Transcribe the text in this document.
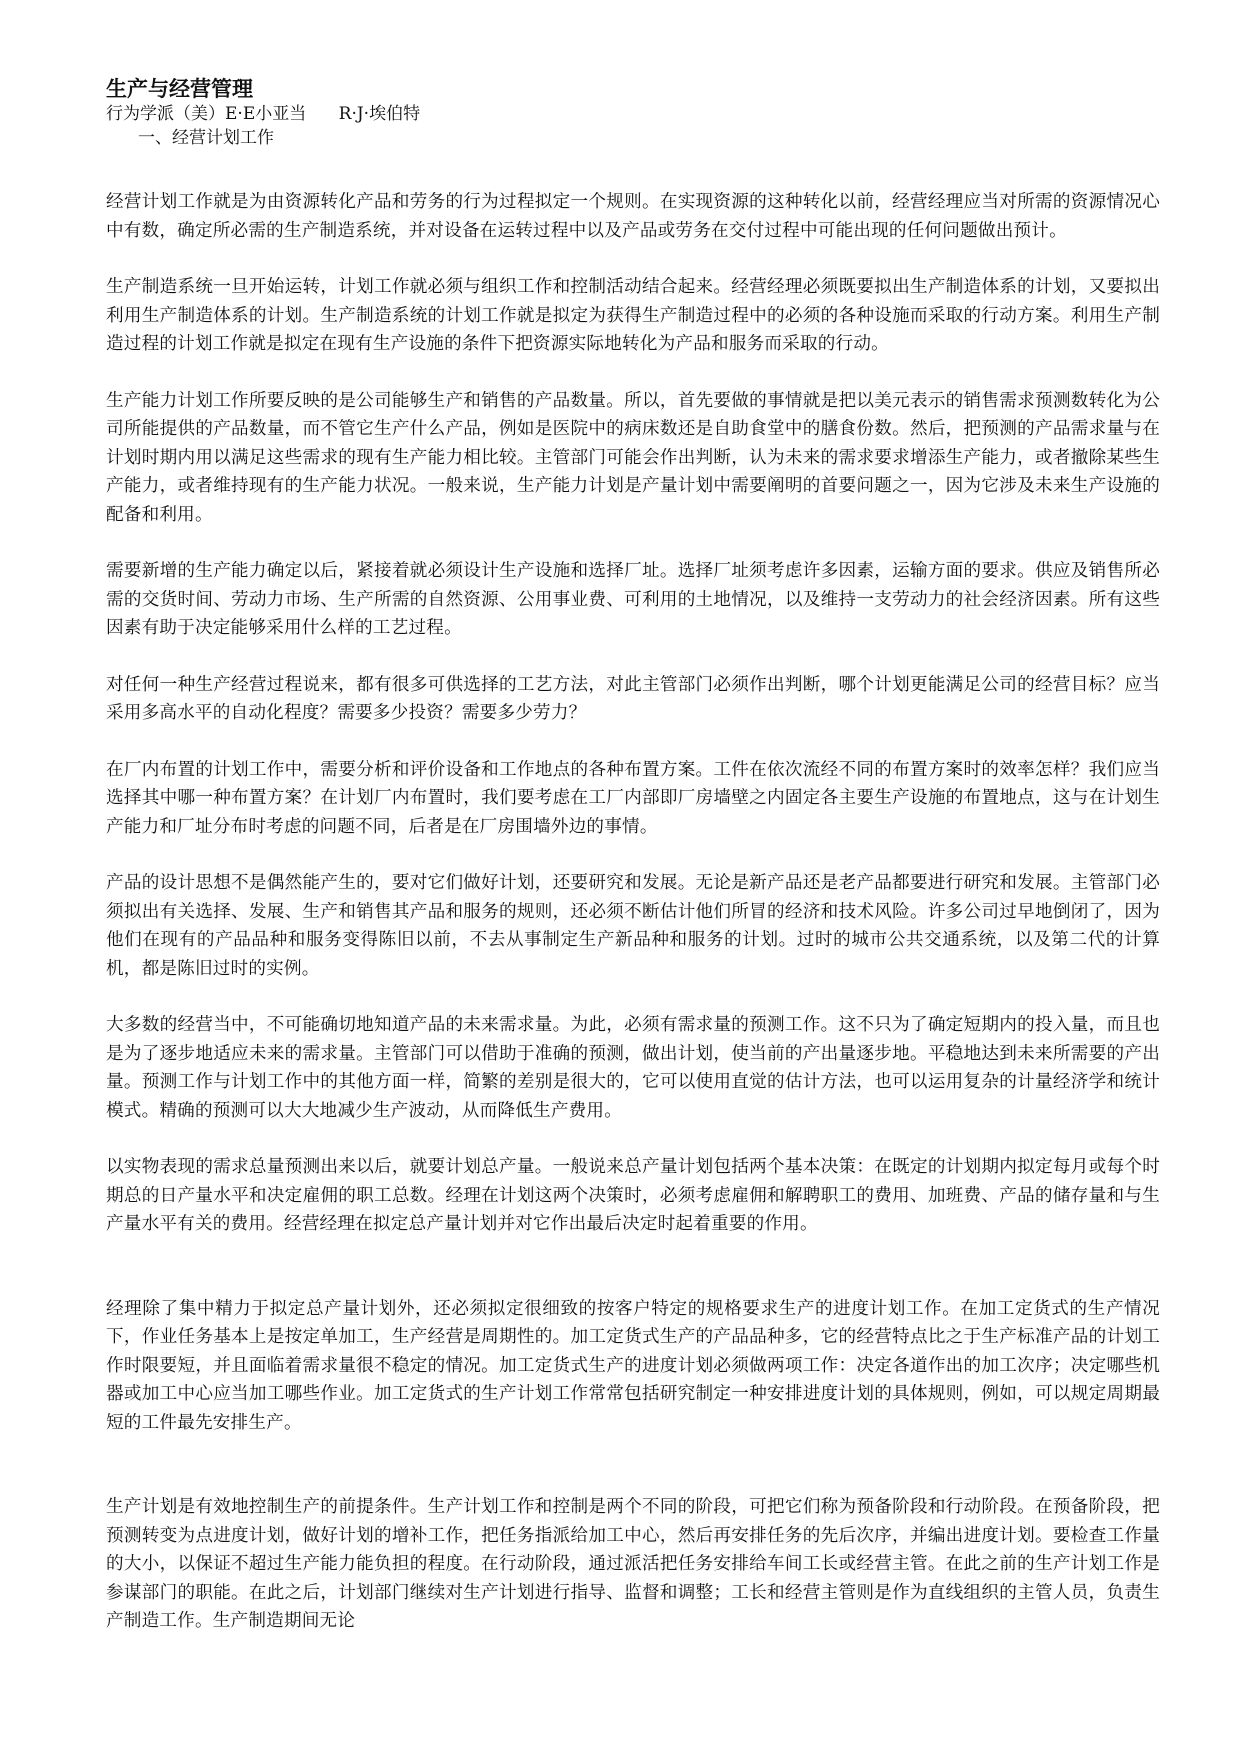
生产与经营管理

行为学派（美）E·E小亚当      R·J·埃伯特

一、经营计划工作

经营计划工作就是为由资源转化产品和劳务的行为过程拟定一个规则。在实现资源的这种转化以前，经营经理应当对所需的资源情况心中有数，确定所必需的生产制造系统，并对设备在运转过程中以及产品或劳务在交付过程中可能出现的任何问题做出预计。

生产制造系统一旦开始运转，计划工作就必须与组织工作和控制活动结合起来。经营经理必须既要拟出生产制造体系的计划，又要拟出利用生产制造体系的计划。生产制造系统的计划工作就是拟定为获得生产制造过程中的必须的各种设施而采取的行动方案。利用生产制造过程的计划工作就是拟定在现有生产设施的条件下把资源实际地转化为产品和服务而采取的行动。

生产能力计划工作所要反映的是公司能够生产和销售的产品数量。所以，首先要做的事情就是把以美元表示的销售需求预测数转化为公司所能提供的产品数量，而不管它生产什么产品，例如是医院中的病床数还是自助食堂中的膳食份数。然后，把预测的产品需求量与在计划时期内用以满足这些需求的现有生产能力相比较。主管部门可能会作出判断，认为未来的需求要求增添生产能力，或者撤除某些生产能力，或者维持现有的生产能力状况。一般来说，生产能力计划是产量计划中需要阐明的首要问题之一，因为它涉及未来生产设施的配备和利用。

需要新增的生产能力确定以后，紧接着就必须设计生产设施和选择厂址。选择厂址须考虑许多因素，运输方面的要求。供应及销售所必需的交货时间、劳动力市场、生产所需的自然资源、公用事业费、可利用的土地情况，以及维持一支劳动力的社会经济因素。所有这些因素有助于决定能够采用什么样的工艺过程。

对任何一种生产经营过程说来，都有很多可供选择的工艺方法，对此主管部门必须作出判断，哪个计划更能满足公司的经营目标？应当采用多高水平的自动化程度？需要多少投资？需要多少劳力？

在厂内布置的计划工作中，需要分析和评价设备和工作地点的各种布置方案。工件在依次流经不同的布置方案时的效率怎样？我们应当选择其中哪一种布置方案？在计划厂内布置时，我们要考虑在工厂内部即厂房墙壁之内固定各主要生产设施的布置地点，这与在计划生产能力和厂址分布时考虑的问题不同，后者是在厂房围墙外边的事情。

产品的设计思想不是偶然能产生的，要对它们做好计划，还要研究和发展。无论是新产品还是老产品都要进行研究和发展。主管部门必须拟出有关选择、发展、生产和销售其产品和服务的规则，还必须不断估计他们所冒的经济和技术风险。许多公司过早地倒闭了，因为他们在现有的产品品种和服务变得陈旧以前，不去从事制定生产新品种和服务的计划。过时的城市公共交通系统，以及第二代的计算机，都是陈旧过时的实例。

大多数的经营当中，不可能确切地知道产品的未来需求量。为此，必须有需求量的预测工作。这不只为了确定短期内的投入量，而且也是为了逐步地适应未来的需求量。主管部门可以借助于准确的预测，做出计划，使当前的产出量逐步地。平稳地达到未来所需要的产出量。预测工作与计划工作中的其他方面一样，简繁的差别是很大的，它可以使用直觉的估计方法，也可以运用复杂的计量经济学和统计模式。精确的预测可以大大地减少生产波动，从而降低生产费用。

以实物表现的需求总量预测出来以后，就要计划总产量。一般说来总产量计划包括两个基本决策：在既定的计划期内拟定每月或每个时期总的日产量水平和决定雇佣的职工总数。经理在计划这两个决策时，必须考虑雇佣和解聘职工的费用、加班费、产品的储存量和与生产量水平有关的费用。经营经理在拟定总产量计划并对它作出最后决定时起着重要的作用。

经理除了集中精力于拟定总产量计划外，还必须拟定很细致的按客户特定的规格要求生产的进度计划工作。在加工定货式的生产情况下，作业任务基本上是按定单加工，生产经营是周期性的。加工定货式生产的产品品种多，它的经营特点比之于生产标准产品的计划工作时限要短，并且面临着需求量很不稳定的情况。加工定货式生产的进度计划必须做两项工作：决定各道作出的加工次序；决定哪些机器或加工中心应当加工哪些作业。加工定货式的生产计划工作常常包括研究制定一种安排进度计划的具体规则，例如，可以规定周期最短的工件最先安排生产。

生产计划是有效地控制生产的前提条件。生产计划工作和控制是两个不同的阶段，可把它们称为预备阶段和行动阶段。在预备阶段，把预测转变为点进度计划，做好计划的增补工作，把任务指派给加工中心，然后再安排任务的先后次序，并编出进度计划。要检查工作量的大小，以保证不超过生产能力能负担的程度。在行动阶段，通过派活把任务安排给车间工长或经营主管。在此之前的生产计划工作是参谋部门的职能。在此之后，计划部门继续对生产计划进行指导、监督和调整；工长和经营主管则是作为直线组织的主管人员，负责生产制造工作。生产制造期间无论
